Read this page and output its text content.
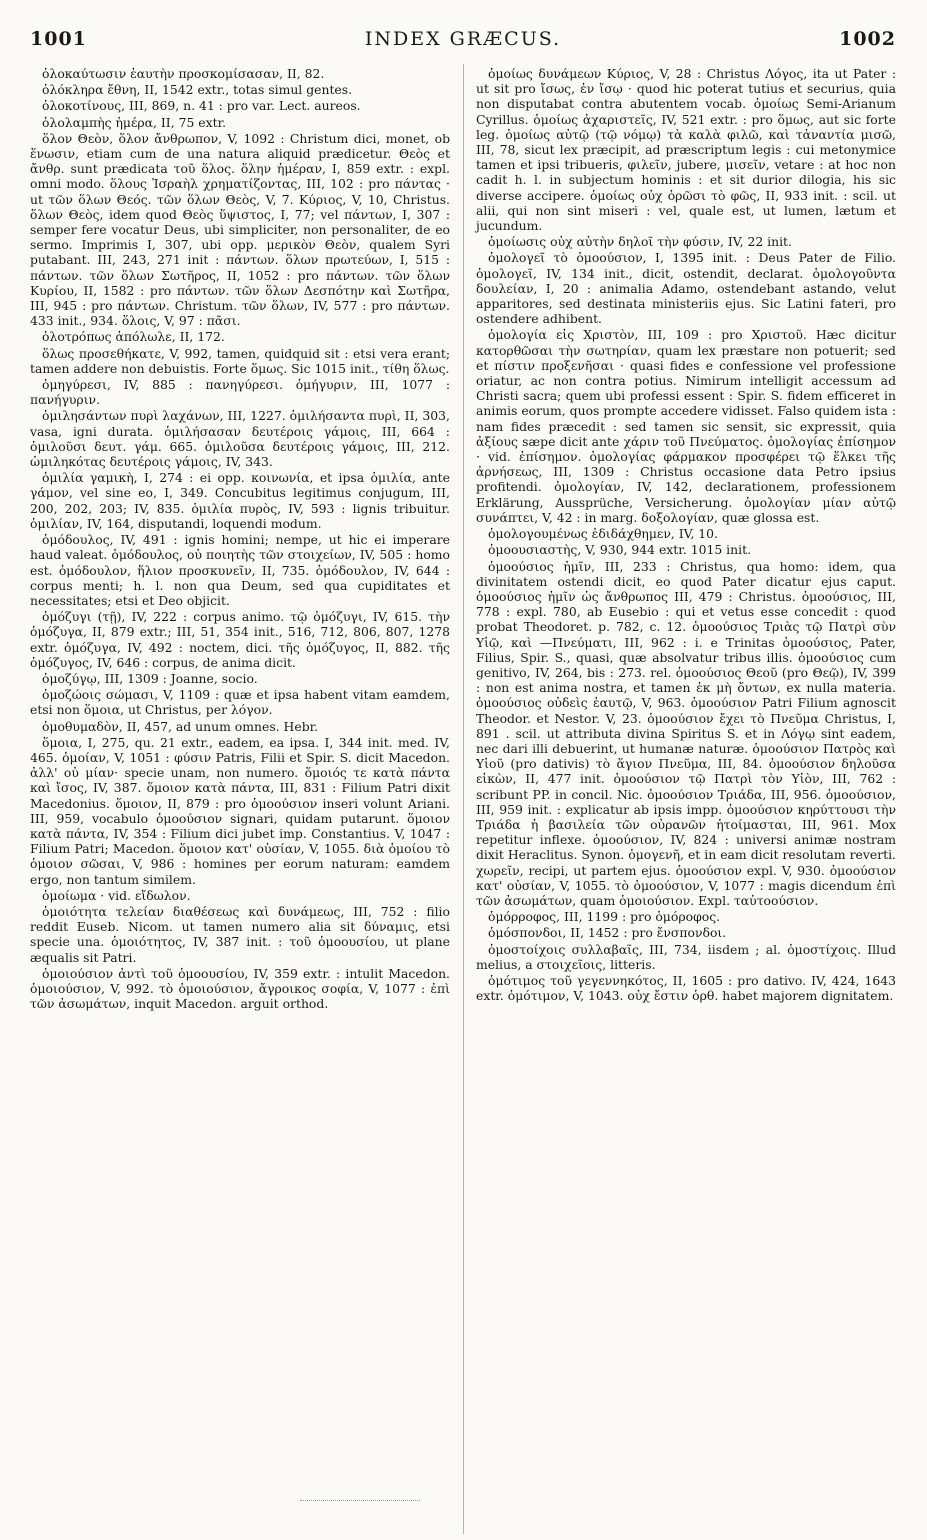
1001	INDEX GRÆCUS.	1002

ὁλοκαύτωσιν ἑαυτὴν προσκομίσασαν, II, 82.

ὁλόκληρα ἔθνη, II, 1542 extr., totas simul gentes.

ὁλοκοτίνους, III, 869, n. 41 : pro var. Lect. aureos.

ὁλολαμπὴς ἡμέρα, II, 75 extr.

ὅλον Θεὸν, ὅλον ἄνθρωπον, V, 1092 : Christum dici, monet, ob ἕνωσιν, etiam cum de una natura aliquid prædicetur. Θεὸς et ἄνθρ. sunt prædicata τοῦ ὅλος. ὅλην ἡμέραν, I, 859 extr. : expl. omni modo. ὅλους Ἰσραὴλ χρηματίζοντας, III, 102 : pro πάντας · ut τῶν ὅλων Θεός. τῶν ὅλων Θεὸς, V, 7. Κύριος, V, 10, Christus. ὅλων Θεὸς, idem quod Θεὸς ὕψιστος, I, 77; vel πάντων, I, 307 : semper fere vocatur Deus, ubi simpliciter, non personaliter, de eo sermo. Imprimis I, 307, ubi opp. μερικὸν Θεὸν, qualem Syri putabant. III, 243, 271 init : πάντων. ὅλων πρωτεύων, I, 515 : πάντων. τῶν ὅλων Σωτῆρος, II, 1052 : pro πάντων. τῶν ὅλων Κυρίου, II, 1582 : pro πάντων. τῶν ὅλων Δεσπότην καὶ Σωτῆρα, III, 945 : pro πάντων. Christum. τῶν ὅλων, IV, 577 : pro πάντων. 433 init., 934. ὅλοις, V, 97 : πᾶσι.

ὁλοτρόπως ἀπόλωλε, II, 172.

ὅλως προσεθήκατε, V, 992, tamen, quidquid sit : etsi vera erant; tamen addere non debuistis. Forte ὅμως. Sic 1015 init., τίθη ὅλως.

ὁμηγύρεσι, IV, 885 : πανηγύρεσι. ὁμήγυριν, III, 1077 : πανήγυριν.

ὁμιλησάντων πυρὶ λαχάνων, III, 1227. ὁμιλήσαντα πυρὶ, II, 303, vasa, igni durata. ὁμιλήσασαν δευτέροις γάμοις, III, 664 : ὁμιλοῦσι δευτ. γάμ. 665. ὁμιλοῦσα δευτέροις γάμοις, III, 212. ὡμιληκότας δευτέροις γάμοις, IV, 343.

ὁμιλία γαμικὴ, I, 274 : ei opp. κοινωνία, et ipsa ὁμιλία, ante γάμον, vel sine eo, I, 349. Concubitus legitimus conjugum, III, 200, 202, 203; IV, 835. ὁμιλία πυρὸς, IV, 593 : lignis tribuitur. ὁμιλίαν, IV, 164, disputandi, loquendi modum.

ὁμόδουλος, IV, 491 : ignis homini; nempe, ut hic ei imperare haud valeat. ὁμόδουλος, οὐ ποιητὴς τῶν στοιχείων, IV, 505 : homo est. ὁμόδουλον, ἥλιον προσκυνεῖν, II, 735. ὁμόδουλον, IV, 644 : corpus menti; h. l. non qua Deum, sed qua cupiditates et necessitates; etsi et Deo objicit.

ὁμόζυγι (τῇ), IV, 222 : corpus animo. τῷ ὁμόζυγι, IV, 615. τὴν ὁμόζυγα, II, 879 extr.; III, 51, 354 init., 516, 712, 806, 807, 1278 extr. ὁμόζυγα, IV, 492 : noctem, dici. τῆς ὁμόζυγος, II, 882. τῆς ὁμόζυγος, IV, 646 : corpus, de anima dicit.

ὁμοζύγῳ, III, 1309 : Joanne, socio.

ὁμοζώοις σώμασι, V, 1109 : quæ et ipsa habent vitam eamdem, etsi non ὅμοια, ut Christus, per λόγον.

ὁμοθυμαδὸν, II, 457, ad unum omnes. Hebr.

ὅμοια, I, 275, qu. 21 extr., eadem, ea ipsa. I, 344 init. med. IV, 465. ὁμοίαν, V, 1051 : φύσιν Patris, Filii et Spir. S. dicit Macedon. ἀλλ' οὐ μίαν· specie unam, non numero. ὅμοιός τε κατὰ πάντα καὶ ἴσος, IV, 387. ὅμοιον κατὰ πάντα, III, 831 : Filium Patri dixit Macedonius. ὅμοιον, II, 879 : pro ὁμοούσιον inseri volunt Ariani. III, 959, vocabulo ὁμοούσιον signari, quidam putarunt. ὅμοιον κατὰ πάντα, IV, 354 : Filium dici jubet imp. Constantius. V, 1047 : Filium Patri; Macedon. ὅμοιον κατ' οὐσίαν, V, 1055. διὰ ὁμοίου τὸ ὁμοιον σῶσαι, V, 986 : homines per eorum naturam: eamdem ergo, non tantum similem.

ὁμοίωμα · vid. εἴδωλον.

ὁμοιότητα τελείαν διαθέσεως καὶ δυνάμεως, III, 752 : filio reddit Euseb. Nicom. ut tamen numero alia sit δύναμις, etsi specie una. ὁμοιότητος, IV, 387 init. : τοῦ ὁμοουσίου, ut plane æqualis sit Patri.

ὁμοιούσιον ἀντὶ τοῦ ὁμοουσίου, IV, 359 extr. : intulit Macedon. ὁμοιούσιον, V, 992. τὸ ὁμοιούσιον, ἄγροικος σοφία, V, 1077 : ἐπὶ τῶν ἀσωμάτων, inquit Macedon. arguit orthod.

ὁμοίως δυνάμεων Κύριος, V, 28 : Christus Λόγος, ita ut Pater : ut sit pro ἴσως, ἐν ἴσῳ · quod hic poterat tutius et securius, quia non disputabat contra abutentem vocab. ὁμοίως Semi-Arianum Cyrillus. ὁμοίως ἀχαριστεῖς, IV, 521 extr. : pro ὅμως, aut sic forte leg. ὁμοίως αὐτῷ (τῷ νόμῳ) τὰ καλὰ φιλῶ, καὶ τἀναντία μισῶ, III, 78, sicut lex præcipit, ad præscriptum legis : cui metonymice tamen et ipsi tribueris, φιλεῖν, jubere, μισεῖν, vetare : at hoc non cadit h. l. in subjectum hominis : et sit durior dilogia, his sic diverse accipere. ὁμοίως οὐχ ὁρῶσι τὸ φῶς, II, 933 init. : scil. ut alii, qui non sint miseri : vel, quale est, ut lumen, lætum et jucundum.

ὁμοίωσις οὐχ αὐτὴν δηλοῖ τὴν φύσιν, IV, 22 init.

ὁμολογεῖ τὸ ὁμοούσιον, I, 1395 init. : Deus Pater de Filio. ὁμολογεῖ, IV, 134 init., dicit, ostendit, declarat. ὁμολογοῦντα δουλείαν, I, 20 : animalia Adamo, ostendebant astando, velut apparitores, sed destinata ministeriis ejus. Sic Latini fateri, pro ostendere adhibent.

ὁμολογία εἰς Χριστὸν, III, 109 : pro Χριστοῦ. Hæc dicitur κατορθῶσαι τὴν σωτηρίαν, quam lex præstare non potuerit; sed et πίστιν προξενῆσαι · quasi fides e confessione vel professione oriatur, ac non contra potius. Nimirum intelligit accessum ad Christi sacra; quem ubi professi essent : Spir. S. fidem efficeret in animis eorum, quos prompte accedere vidisset. Falso quidem ista : nam fides præcedit : sed tamen sic sensit, sic expressit, quia ἀξίους sæpe dicit ante χάριν τοῦ Πνεύματος. ὁμολογίας ἐπίσημον · vid. ἐπίσημον. ὁμολογίας φάρμακον προσφέρει τῷ ἕλκει τῆς ἀρνήσεως, III, 1309 : Christus occasione data Petro ipsius profitendi. ὁμολογίαν, IV, 142, declarationem, professionem Erklärung, Aussprüche, Versicherung. ὁμολογίαν μίαν αὐτῷ συνάπτει, V, 42 : in marg. δοξολογίαν, quæ glossa est.

ὁμολογουμένως ἐδιδάχθημεν, IV, 10.

ὁμοουσιαστὴς, V, 930, 944 extr. 1015 init.

ὁμοούσιος ἡμῖν, III, 233 : Christus, qua homo: idem, qua divinitatem ostendi dicit, eo quod Pater dicatur ejus caput. ὁμοούσιος ἡμῖν ὡς ἄνθρωπος III, 479 : Christus. ὁμοούσιος, III, 778 : expl. 780, ab Eusebio : qui et vetus esse concedit : quod probat Theodoret. p. 782, c. 12. ὁμοούσιος Τριὰς τῷ Πατρὶ σὺν Υἱῷ, καὶ —Πνεύματι, III, 962 : i. e Trinitas ὁμοούσιος, Pater, Filius, Spir. S., quasi, quæ absolvatur tribus illis. ὁμοούσιος cum genitivo, IV, 264, bis : 273. rel. ὁμοούσιος Θεοῦ (pro Θεῷ), IV, 399 : non est anima nostra, et tamen ἐκ μὴ ὄντων, ex nulla materia. ὁμοούσιος οὐδεὶς ἑαυτῷ, V, 963. ὁμοούσιον Patri Filium agnoscit Theodor. et Nestor. V, 23. ὁμοούσιον ἔχει τὸ Πνεῦμα Christus, I, 891 . scil. ut attributa divina Spiritus S. et in Λόγῳ sint eadem, nec dari illi debuerint, ut humanæ naturæ. ὁμοούσιον Πατρὸς καὶ Υἱοῦ (pro dativis) τὸ ἅγιον Πνεῦμα, III, 84. ὁμοούσιον δηλοῦσα εἰκὼν, II, 477 init. ὁμοούσιον τῷ Πατρὶ τὸν Υἱὸν, III, 762 : scribunt PP. in concil. Nic. ὁμοούσιον Τριάδα, III, 956. ὁμοούσιον, III, 959 init. : explicatur ab ipsis impp. ὁμοούσιον κηρύττουσι τὴν Τριάδα ἡ βασιλεία τῶν οὐρανῶν ἡτοίμασται, III, 961. Mox repetitur inflexe. ὁμοούσιον, IV, 824 : universi animæ nostram dixit Heraclitus. Synon. ὁμογενῆ, et in eam dicit resolutam reverti. χωρεῖν, recipi, ut partem ejus. ὁμοούσιον expl. V, 930. ὁμοούσιον κατ' οὐσίαν, V, 1055. τὸ ὁμοούσιον, V, 1077 : magis dicendum ἐπὶ τῶν ἀσωμάτων, quam ὁμοιούσιον. Expl. ταὐτοούσιον.

ὁμόρροφος, III, 1199 : pro ὁμόροφος.

ὁμόσπονδοι, II, 1452 : pro ἔνσπονδοι.

ὁμοστοίχοις συλλαβαῖς, III, 734, iisdem ; al. ὁμοστίχοις. Illud melius, a στοιχεῖοις, litteris.

ὁμότιμος τοῦ γεγεννηκότος, II, 1605 : pro dativo. IV, 424, 1643 extr. ὁμότιμον, V, 1043. οὐχ ἔστιν ὁρθ. habet majorem dignitatem.
